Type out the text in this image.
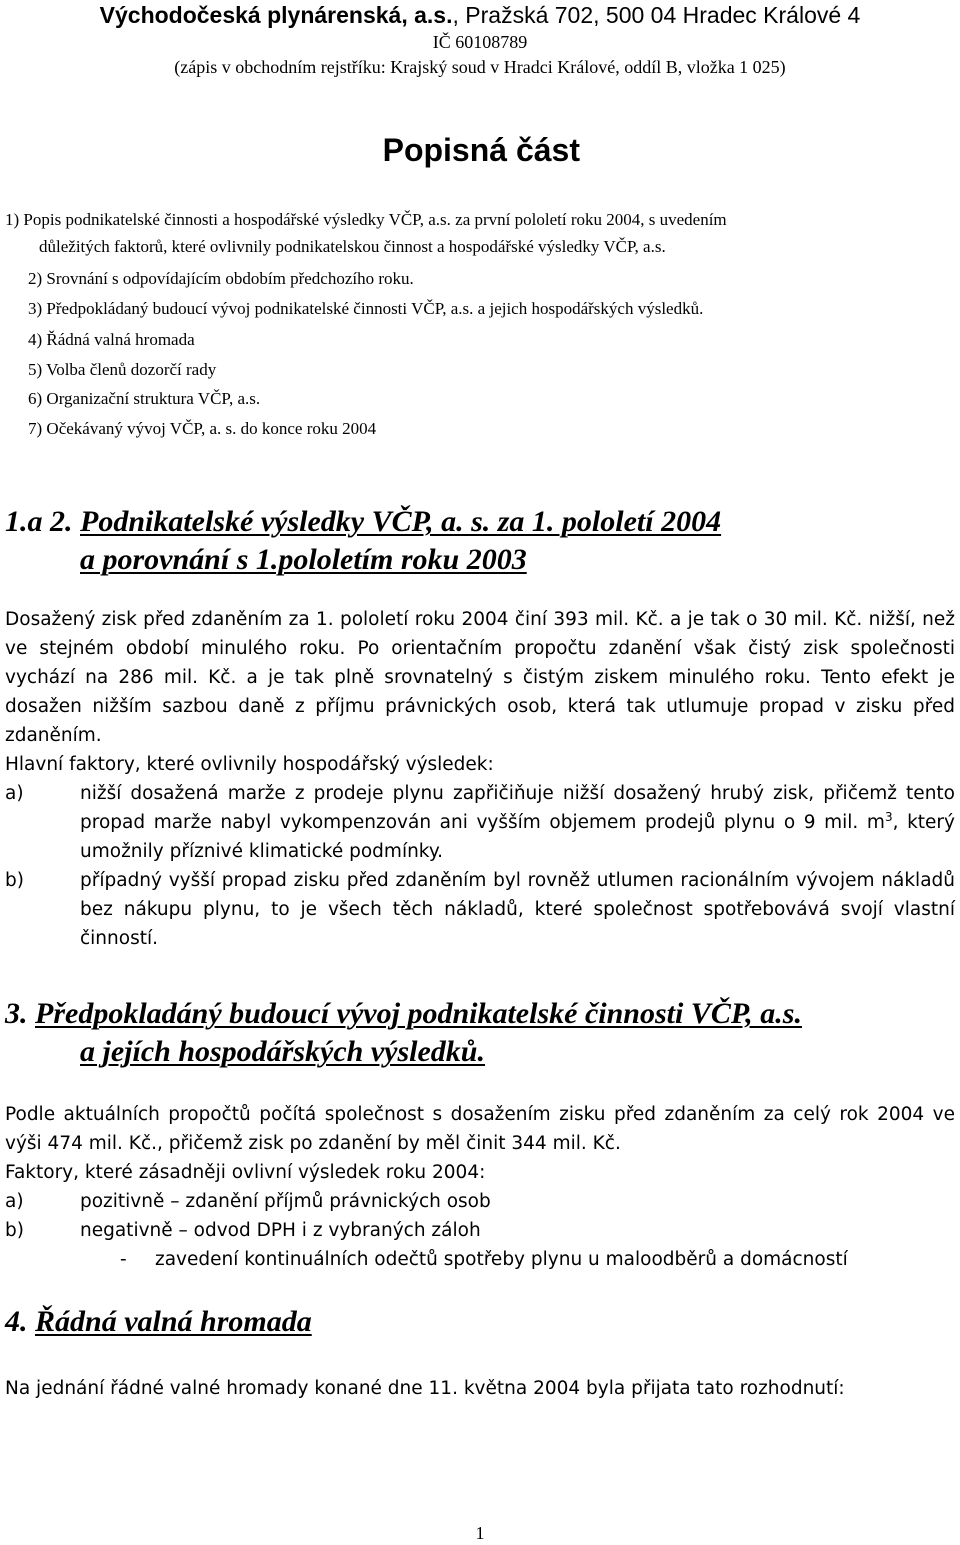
Východočeská plynárenská, a.s., Pražská 702, 500 04 Hradec Králové 4
IČ 60108789
(zápis v obchodním rejstříku: Krajský soud v Hradci Králové, oddíl B, vložka 1 025)
Popisná část
1) Popis podnikatelské činnosti a hospodářské výsledky VČP, a.s. za první pololetí roku 2004, s uvedením
důležitých faktorů, které ovlivnily podnikatelskou činnost a hospodářské výsledky VČP, a.s.
2) Srovnání s odpovídajícím obdobím předchozího roku.
3) Předpokládaný budoucí vývoj podnikatelské činnosti VČP, a.s. a jejich hospodářských výsledků.
4) Řádná valná hromada
5) Volba členů dozorčí rady
6) Organizační struktura VČP, a.s.
7) Očekávaný vývoj VČP, a. s. do konce roku 2004
1.a 2. Podnikatelské výsledky VČP, a. s. za 1. pololetí 2004
a porovnání s 1.pololetím roku 2003

Dosažený zisk před zdaněním za 1. pololetí roku 2004 činí 393 mil. Kč. a je tak o 30 mil. Kč. nižší, než ve stejném období minulého roku. Po orientačním propočtu zdanění však čistý zisk společnosti vychází na 286 mil. Kč. a je tak plně srovnatelný s čistým ziskem minulého roku. Tento efekt je dosažen nižším sazbou daně z příjmu právnických osob, která tak utlumuje propad v zisku před zdaněním.

Hlavní faktory, které ovlivnily hospodářský výsledek:

a)	nižší dosažená marže z prodeje plynu zapřičiňuje nižší dosažený hrubý zisk, přičemž tento propad marže nabyl vykompenzován ani vyšším objemem prodejů plynu o 9 mil. $m^3$, který umožnily příznivé klimatické podmínky.

b)	případný vyšší propad zisku před zdaněním byl rovněž utlumen racionálním vývojem nákladů bez nákupu plynu, to je všech těch nákladů, které společnost spotřebovává svojí vlastní činností.

3. Předpokladáný budoucí vývoj podnikatelské činnosti VČP, a.s.
a jejích hospodářských výsledků.

Podle aktuálních propočtů počítá společnost s dosažením zisku před zdaněním za celý rok 2004 ve výši 474 mil. Kč., přičemž zisk po zdanění by měl činit 344 mil. Kč.

Faktory, které zásadněji ovlivní výsledek roku 2004:

a)	pozitivně – zdanění příjmů právnických osob

b)	negativně – odvod DPH i z vybraných záloh

- zavedení kontinuálních odečtů spotřeby plynu u maloodběrů a domácností

4. Řádná valná hromada

Na jednání řádné valné hromady konané dne 11. května 2004 byla přijata tato rozhodnutí:

1
